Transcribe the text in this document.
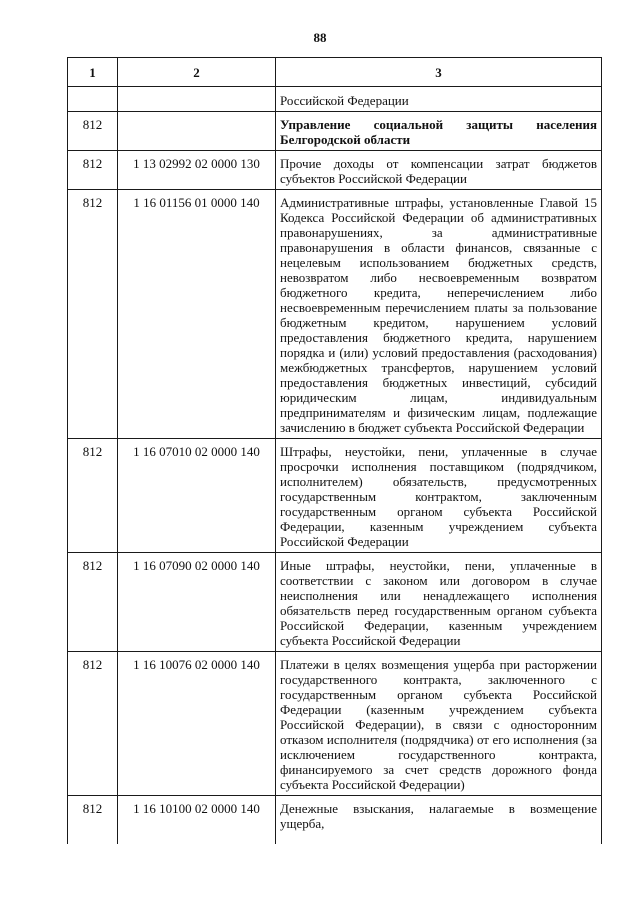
88
1	2	3
		Российской Федерации
812		Управление социальной защиты населения Белгородской области
812	1 13 02992 02 0000 130	Прочие доходы от компенсации затрат бюджетов субъектов Российской Федерации
812	1 16 01156 01 0000 140	Административные штрафы, установленные Главой 15 Кодекса Российской Федерации об административных правонарушениях, за административные правонарушения в области финансов, связанные с нецелевым использованием бюджетных средств, невозвратом либо несвоевременным возвратом бюджетного кредита, неперечислением либо несвоевременным перечислением платы за пользование бюджетным кредитом, нарушением условий предоставления бюджетного кредита, нарушением порядка и (или) условий предоставления (расходования) межбюджетных трансфертов, нарушением условий предоставления бюджетных инвестиций, субсидий юридическим лицам, индивидуальным предпринимателям и физическим лицам, подлежащие зачислению в бюджет субъекта Российской Федерации
812	1 16 07010 02 0000 140	Штрафы, неустойки, пени, уплаченные в случае просрочки исполнения поставщиком (подрядчиком, исполнителем) обязательств, предусмотренных государственным контрактом, заключенным государственным органом субъекта Российской Федерации, казенным учреждением субъекта Российской Федерации
812	1 16 07090 02 0000 140	Иные штрафы, неустойки, пени, уплаченные в соответствии с законом или договором в случае неисполнения или ненадлежащего исполнения обязательств перед государственным органом субъекта Российской Федерации, казенным учреждением субъекта Российской Федерации
812	1 16 10076 02 0000 140	Платежи в целях возмещения ущерба при расторжении государственного контракта, заключенного с государственным органом субъекта Российской Федерации (казенным учреждением субъекта Российской Федерации), в связи с односторонним отказом исполнителя (подрядчика) от его исполнения (за исключением государственного контракта, финансируемого за счет средств дорожного фонда субъекта Российской Федерации)
812	1 16 10100 02 0000 140	Денежные взыскания, налагаемые в возмещение ущерба,
